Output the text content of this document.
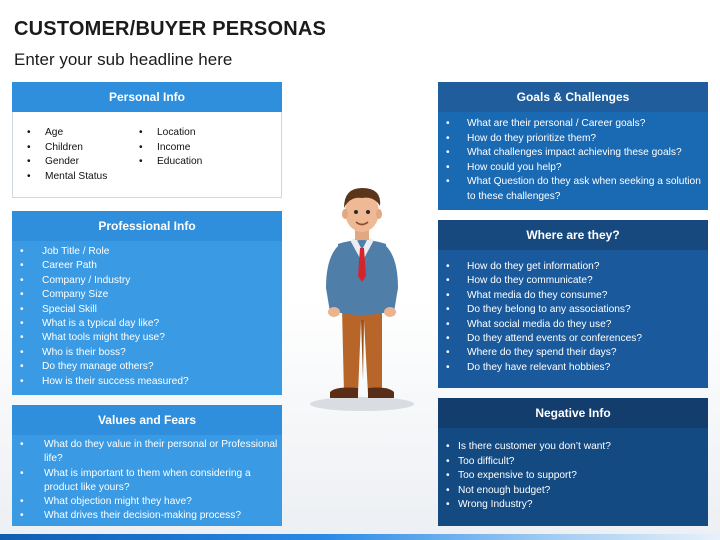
CUSTOMER/BUYER PERSONAS
Enter your sub headline here
Personal Info
• Age
• Children
• Gender
• Mental Status
• Location
• Income
• Education
Professional Info
• Job Title / Role
• Career Path
• Company / Industry
• Company Size
• Special Skill
• What is a typical day like?
• What tools might they use?
• Who is their boss?
• Do they manage others?
• How is their success measured?
Values and Fears
• What do they value in their personal or Professional life?
• What is important to them when considering a product like yours?
• What objection might they have?
• What drives their decision-making process?
Goals & Challenges
• What are their personal / Career goals?
• How do they prioritize them?
• What challenges impact achieving these goals?
• How could you help?
• What Question do they ask when seeking a solution to these challenges?
Where are they?
• How do they get information?
• How do they communicate?
• What media do they consume?
• Do they belong to any associations?
• What social media do they use?
• Do they attend events or conferences?
• Where do they spend their days?
• Do they have relevant hobbies?
Negative Info
• Is there customer you don’t want?
• Too difficult?
• Too expensive to support?
• Not enough budget?
• Wrong Industry?
